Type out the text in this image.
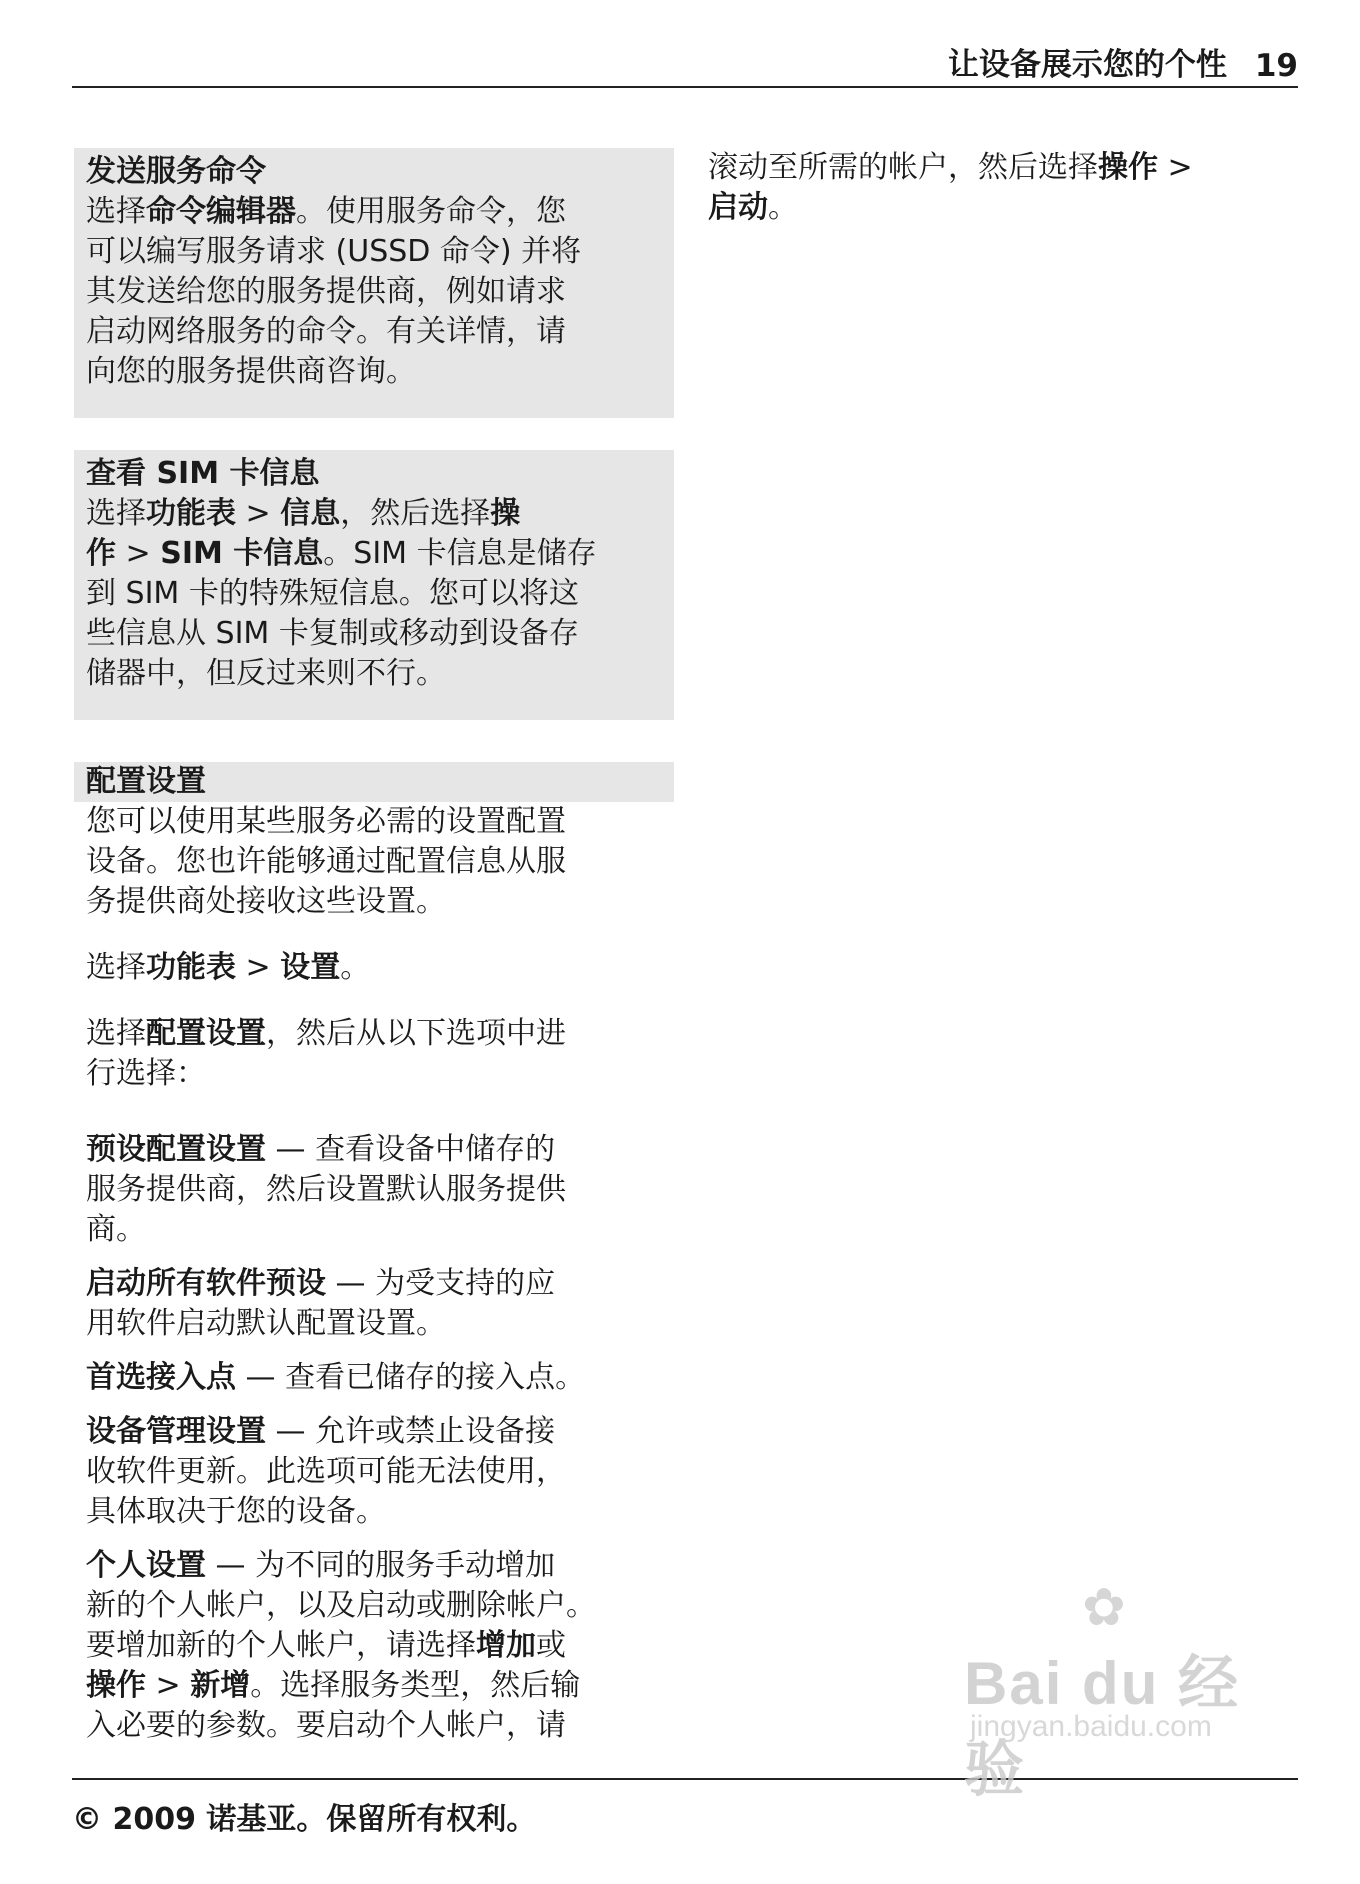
让设备展示您的个性 19

发送服务命令

选择命令编辑器。使用服务命令，您

可以编写服务请求 (USSD 命令) 并将

其发送给您的服务提供商，例如请求

启动网络服务的命令。有关详情，请

向您的服务提供商咨询。

查看 SIM 卡信息

选择功能表 > 信息，然后选择操

作 > SIM 卡信息。SIM 卡信息是储存

到 SIM 卡的特殊短信息。您可以将这

些信息从 SIM 卡复制或移动到设备存

储器中，但反过来则不行。

配置设置

您可以使用某些服务必需的设置配置

设备。您也许能够通过配置信息从服

务提供商处接收这些设置。

选择功能表 > 设置。

选择配置设置，然后从以下选项中进

行选择：

预设配置设置 — 查看设备中储存的

服务提供商，然后设置默认服务提供

商。

启动所有软件预设 — 为受支持的应

用软件启动默认配置设置。

首选接入点 — 查看已储存的接入点。

设备管理设置 — 允许或禁止设备接

收软件更新。此选项可能无法使用，

具体取决于您的设备。

个人设置 — 为不同的服务手动增加

新的个人帐户，以及启动或删除帐户。

要增加新的个人帐户，请选择增加或

操作 > 新增。选择服务类型，然后输

入必要的参数。要启动个人帐户，请

滚动至所需的帐户，然后选择操作 >

启动。

© 2009 诺基亚。保留所有权利。
✿
Bai du 经验
jingyan.baidu.com
